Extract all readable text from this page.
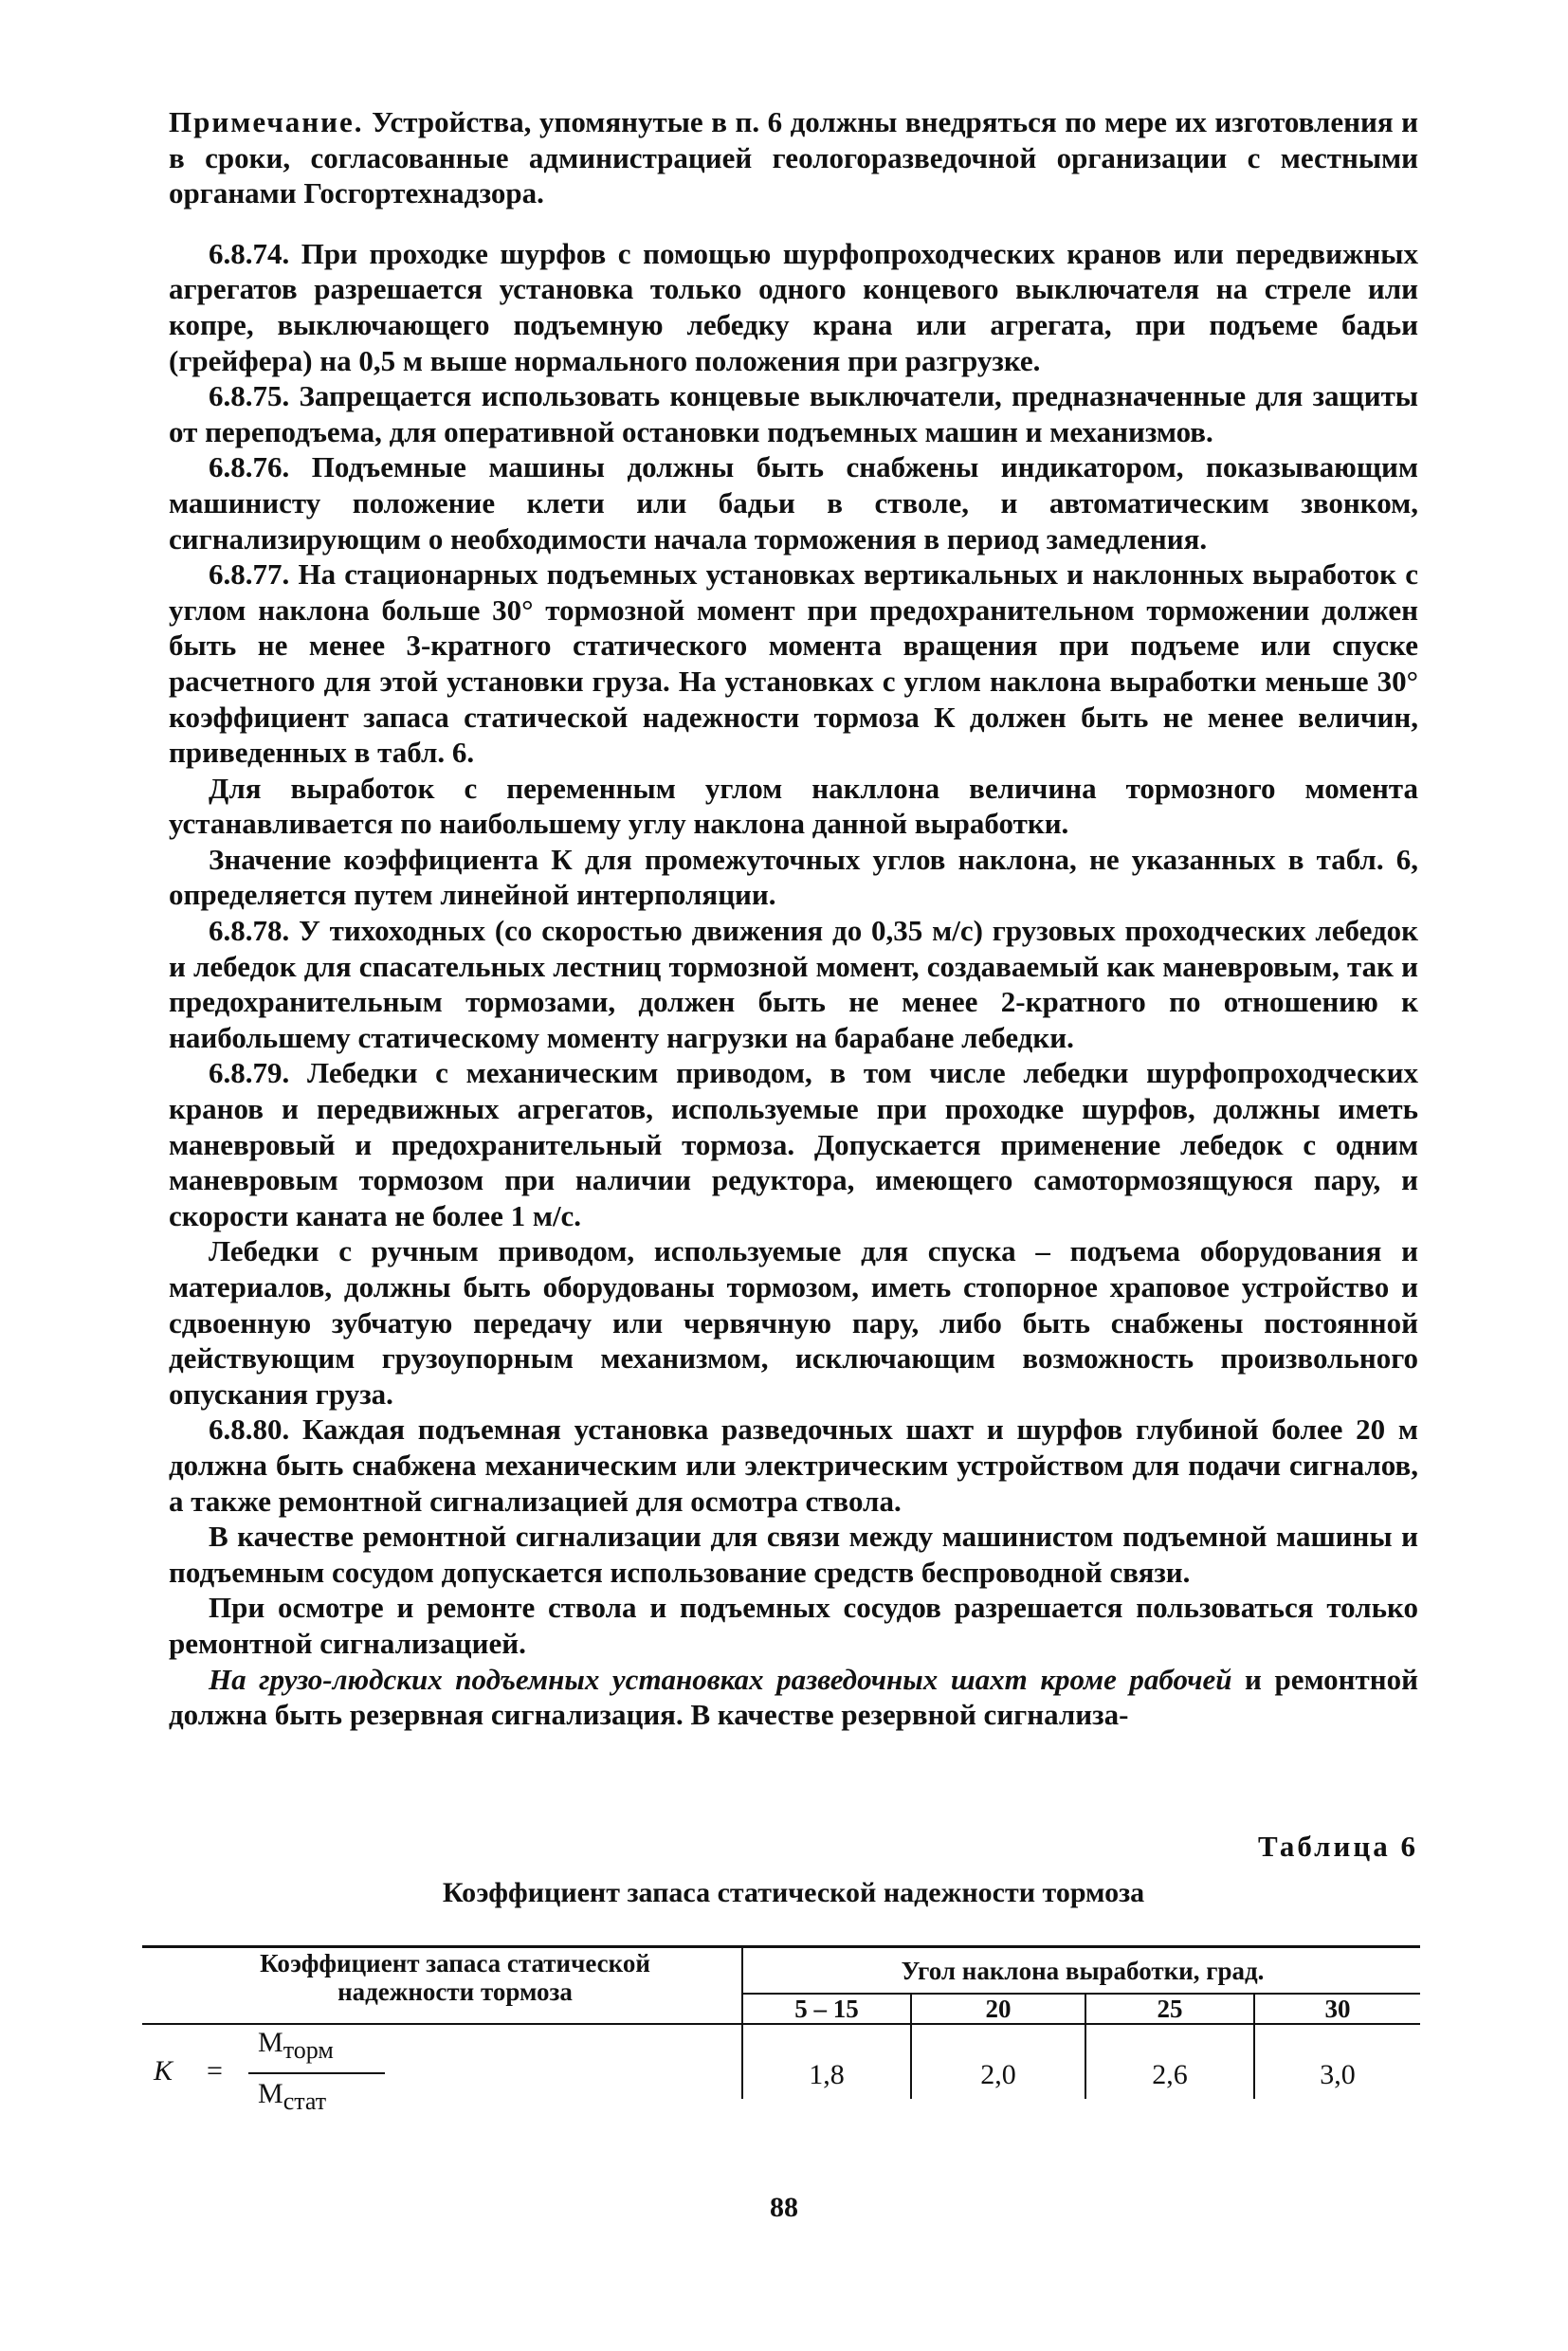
Примечание. Устройства, упомянутые в п. 6 должны внедряться по мере их изготовления и в сроки, согласованные администрацией геологоразведочной организации с местными органами Госгортехнадзора.

6.8.74. При проходке шурфов с помощью шурфопроходческих кранов или передвижных агрегатов разрешается установка только одного концевого выключателя на стреле или копре, выключающего подъемную лебедку крана или агрегата, при подъеме бадьи (грейфера) на 0,5 м выше нормального положения при разгрузке.

6.8.75. Запрещается использовать концевые выключатели, предназначенные для защиты от переподъема, для оперативной остановки подъемных машин и механизмов.

6.8.76. Подъемные машины должны быть снабжены индикатором, показывающим машинисту положение клети или бадьи в стволе, и автоматическим звонком, сигнализирующим о необходимости начала торможения в период замедления.

6.8.77. На стационарных подъемных установках вертикальных и наклонных выработок с углом наклона больше 30° тормозной момент при предохранительном торможении должен быть не менее 3-кратного статического момента вращения при подъеме или спуске расчетного для этой установки груза. На установках с углом наклона выработки меньше 30° коэффициент запаса статической надежности тормоза К должен быть не менее величин, приведенных в табл. 6.

Для выработок с переменным углом накллона величина тормозного момента устанавливается по наибольшему углу наклона данной выработки.

Значение коэффициента К для промежуточных углов наклона, не указанных в табл. 6, определяется путем линейной интерполяции.

6.8.78. У тихоходных (со скоростью движения до 0,35 м/с) грузовых проходческих лебедок и лебедок для спасательных лестниц тормозной момент, создаваемый как маневровым, так и предохранительным тормозами, должен быть не менее 2-кратного по отношению к наибольшему статическому моменту нагрузки на барабане лебедки.

6.8.79. Лебедки с механическим приводом, в том числе лебедки шурфопроходческих кранов и передвижных агрегатов, используемые при проходке шурфов, должны иметь маневровый и предохранительный тормоза. Допускается применение лебедок с одним маневровым тормозом при наличии редуктора, имеющего самотормозящуюся пару, и скорости каната не более 1 м/с.

Лебедки с ручным приводом, используемые для спуска – подъема оборудования и материалов, должны быть оборудованы тормозом, иметь стопорное храповое устройство и сдвоенную зубчатую передачу или червячную пару, либо быть снабжены постоянной действующим грузоупорным механизмом, исключающим возможность произвольного опускания груза.

6.8.80. Каждая подъемная установка разведочных шахт и шурфов глубиной более 20 м должна быть снабжена механическим или электрическим устройством для подачи сигналов, а также ремонтной сигнализацией для осмотра ствола.

В качестве ремонтной сигнализации для связи между машинистом подъемной машины и подъемным сосудом допускается использование средств беспроводной связи.

При осмотре и ремонте ствола и подъемных сосудов разрешается пользоваться только ремонтной сигнализацией.

На грузо-людских подъемных установках разведочных шахт кроме рабочей и ремонтной должна быть резервная сигнализация. В качестве резервной сигнализа-

Таблица 6
Коэффициент запаса статической надежности тормоза
Коэффициент запаса статической надежности тормоза
Угол наклона выработки, град.
5 – 15	20	25	30
К =
$М_{торм}$
$М_{стат}$
1,8	2,0	2,6	3,0
88
